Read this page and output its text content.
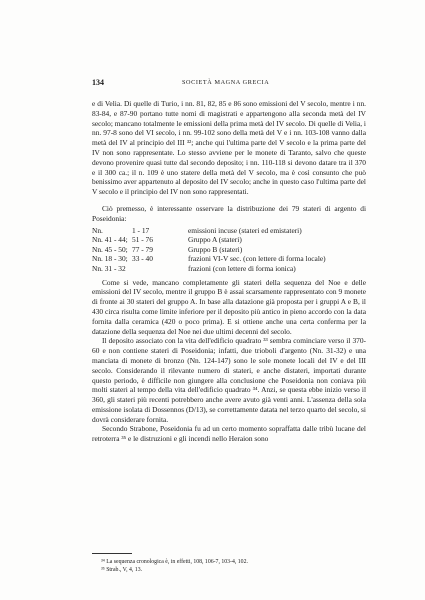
134	SOCIETÀ MAGNA GRECIA

e di Velia. Di quelle di Turio, i nn. 81, 82, 85 e 86 sono emissioni del V secolo, mentre i nn. 83-84, e 87-90 portano tutte nomi di magistrati e appartengono alla seconda metà del IV secolo; mancano totalmente le emissioni della prima metà del IV secolo. Di quelle di Velia, i nn. 97-8 sono del VI secolo, i nn. 99-102 sono della metà del V e i nn. 103-108 vanno dalla metà del IV al principio del III ³²; anche qui l'ultima parte del V secolo e la prima parte del IV non sono rappresentate. Lo stesso avviene per le monete di Taranto, salvo che queste devono provenire quasi tutte dal secondo deposito; i nn. 110-118 si devono datare tra il 370 e il 300 ca.; il n. 109 è uno statere della metà del V secolo, ma è così consunto che può benissimo aver appartenuto al deposito del IV secolo; anche in questo caso l'ultima parte del V secolo e il principio del IV non sono rappresentati.

Ciò premesso, è interessante osservare la distribuzione dei 79 stateri di argento di Poseidonia:

Nn.	1 - 17	emissioni incuse (stateri ed emistateri)
Nn. 41 - 44;	51 - 76	Gruppo A (stateri)
Nn. 45 - 50;	77 - 79	Gruppo B (stateri)
Nn. 18 - 30;	33 - 40	frazioni VI-V sec. (con lettere di forma locale)
Nn. 31 - 32		frazioni (con lettere di forma ionica)

Come si vede, mancano completamente gli stateri della sequenza del Noe e delle emissioni del IV secolo, mentre il gruppo B è assai scarsamente rappresentato con 9 monete di fronte ai 30 stateri del gruppo A. In base alla datazione già proposta per i gruppi A e B, il 430 circa risulta come limite inferiore per il deposito più antico in pieno accordo con la data fornita dalla ceramica (420 o poco prima). E si ottiene anche una certa conferma per la datazione della sequenza del Noe nei due ultimi decenni del secolo.

Il deposito associato con la vita dell'edificio quadrato ³³ sembra cominciare verso il 370-60 e non contiene stateri di Poseidonia; infatti, due trioboli d'argento (Nn. 31-32) e una manciata di monete di bronzo (Nn. 124-147) sono le sole monete locali del IV e del III secolo. Considerando il rilevante numero di stateri, e anche distateri, importati durante questo periodo, è difficile non giungere alla conclusione che Poseidonia non coniava più molti stateri al tempo della vita dell'edificio quadrato ³⁴. Anzi, se questa ebbe inizio verso il 360, gli stateri più recenti potrebbero anche avere avuto già venti anni. L'assenza della sola emissione isolata di Dossennos (D/13), se correttamente datata nel terzo quarto del secolo, si dovrà considerare fornita.

Secondo Strabone, Poseidonia fu ad un certo momento sopraffatta dalle tribù lucane del retroterra ³⁵ e le distruzioni e gli incendi nello Heraion sono

³⁴ La sequenza cronologica è, in effetti, 108, 106-7, 103-4, 102.
³⁵ Strab., V, 4, 13.
